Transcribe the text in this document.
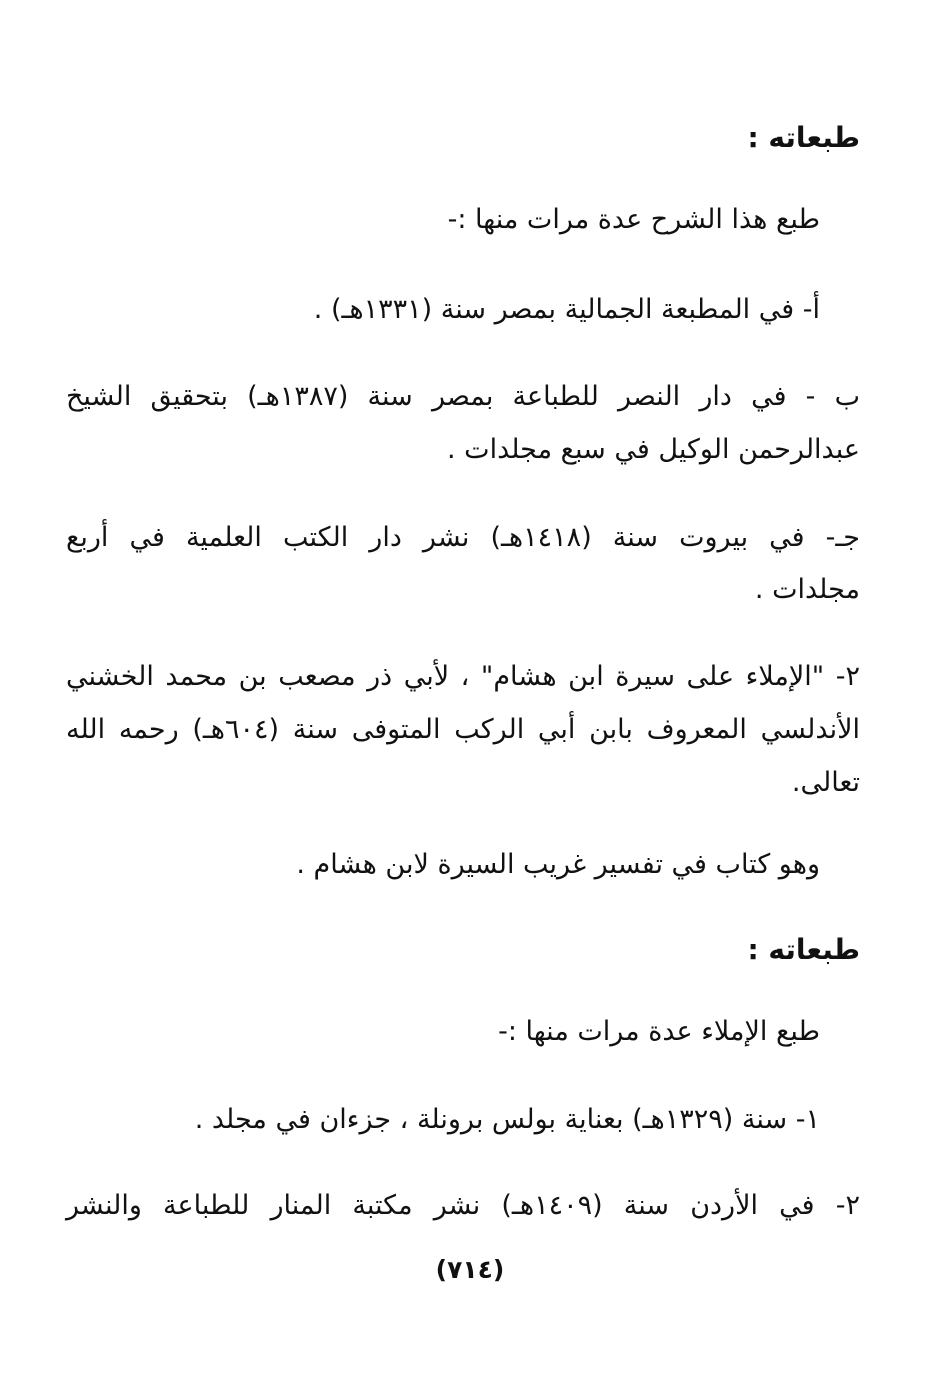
طبعاته :
طبع هذا الشرح عدة مرات منها :-
أ- في المطبعة الجمالية بمصر سنة (١٣٣١هـ) .
ب - في دار النصر للطباعة بمصر سنة (١٣٨٧هـ) بتحقيق الشيخ
عبدالرحمن الوكيل في سبع مجلدات .
جـ- في بيروت سنة (١٤١٨هـ) نشر دار الكتب العلمية في أربع
مجلدات .
٢- "الإملاء على سيرة ابن هشام" ، لأبي ذر مصعب بن محمد الخشني
الأندلسي المعروف بابن أبي الركب المتوفى سنة (٦٠٤هـ) رحمه الله
تعالى.
وهو كتاب في تفسير غريب السيرة لابن هشام .
طبعاته :
طبع الإملاء عدة مرات منها :-
١- سنة (١٣٢٩هـ) بعناية بولس برونلة ، جزءان في مجلد .
٢- في الأردن سنة (١٤٠٩هـ) نشر مكتبة المنار للطباعة والنشر
(٧١٤)
